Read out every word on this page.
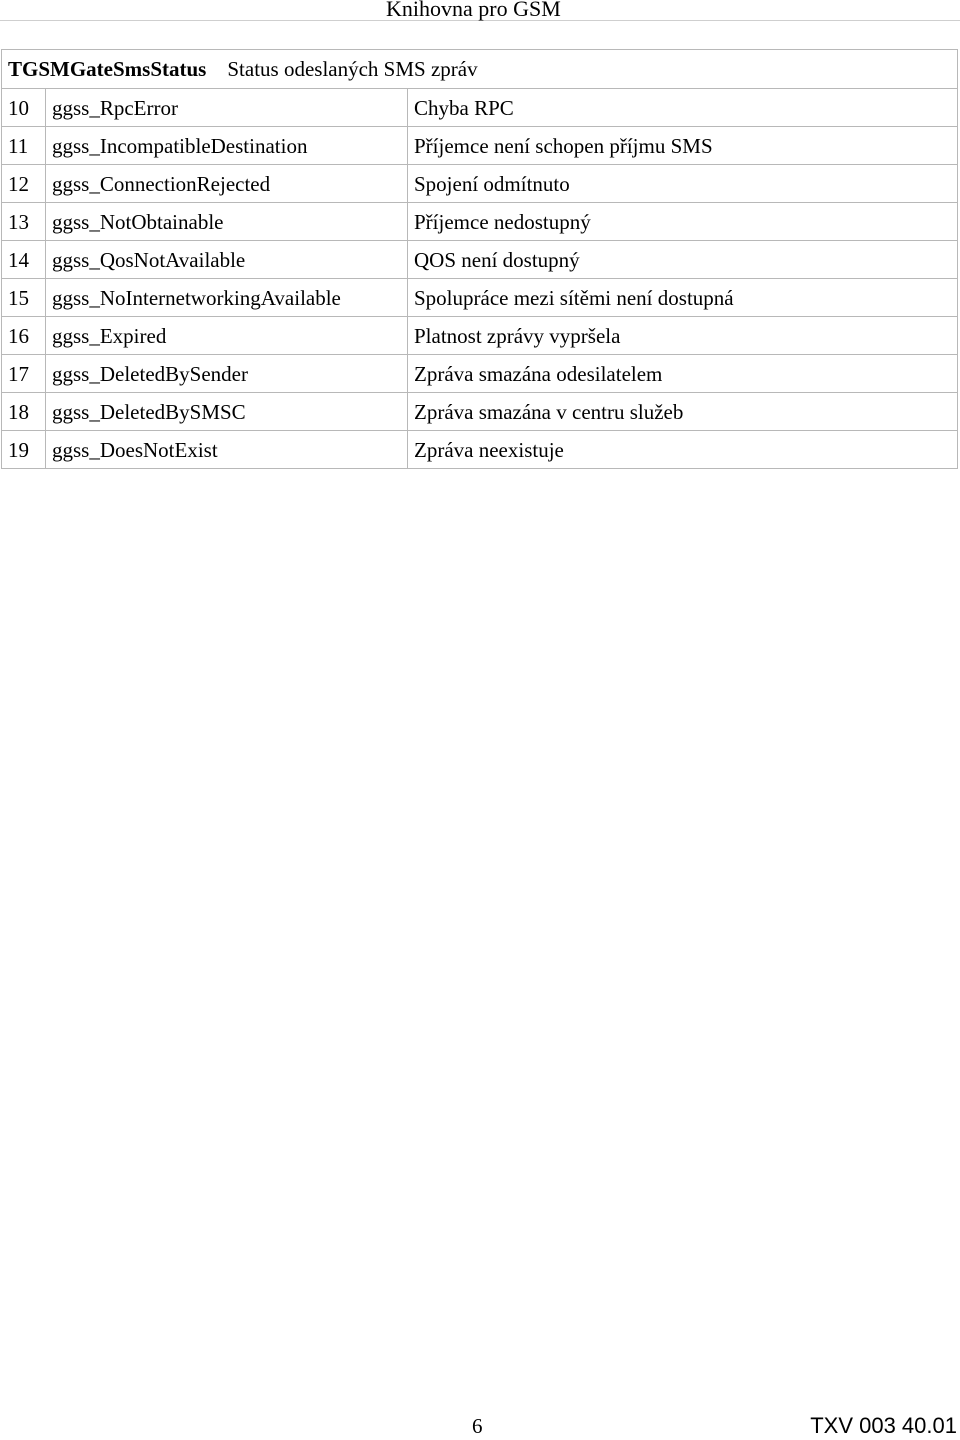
Knihovna pro GSM
TGSMGateSmsStatus Status odeslaných SMS zpráv		
10	ggss_RpcError	Chyba RPC
11	ggss_IncompatibleDestination	Příjemce není schopen příjmu SMS
12	ggss_ConnectionRejected	Spojení odmítnuto
13	ggss_NotObtainable	Příjemce nedostupný
14	ggss_QosNotAvailable	QOS není dostupný
15	ggss_NoInternetworkingAvailable	Spolupráce mezi sítěmi není dostupná
16	ggss_Expired	Platnost zprávy vypršela
17	ggss_DeletedBySender	Zpráva smazána odesilatelem
18	ggss_DeletedBySMSC	Zpráva smazána v centru služeb
19	ggss_DoesNotExist	Zpráva neexistuje
6	TXV 003 40.01
